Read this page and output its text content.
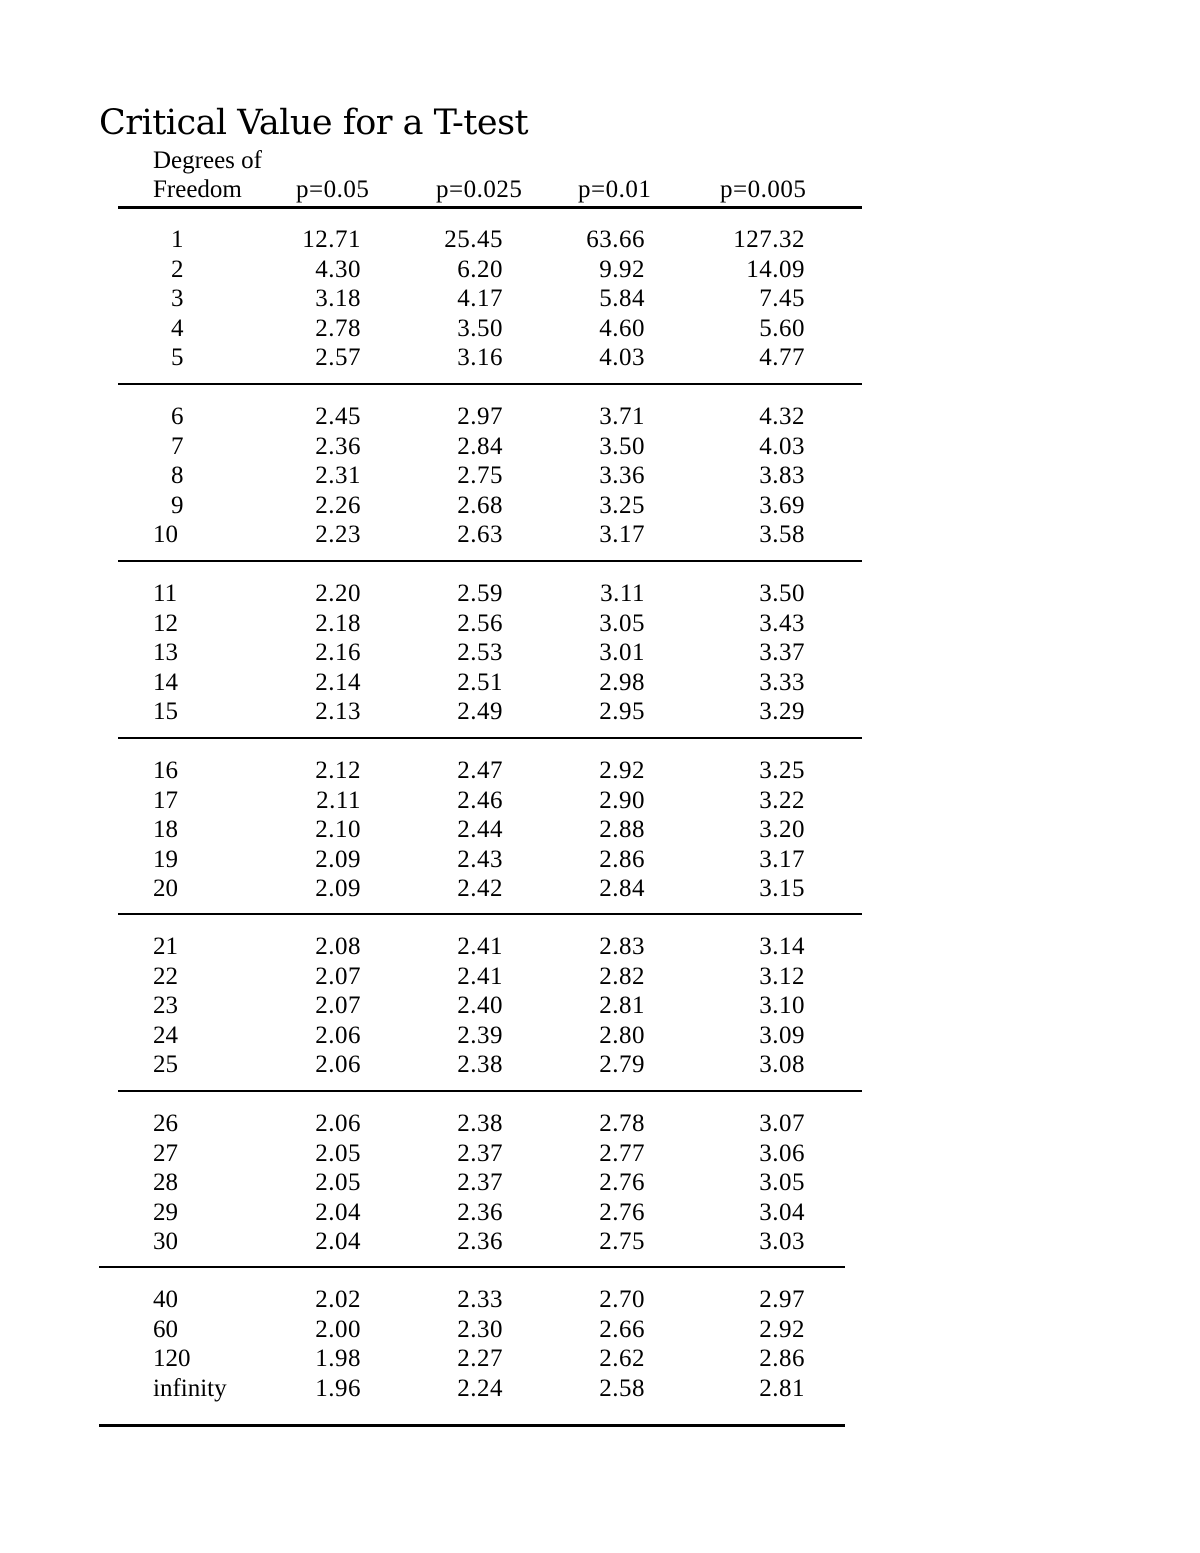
Critical Value for a T-test
Degrees of
Freedom p=0.05	p=0.025 p=0.01	p=0.005
1	12.71	25.45	63.66	127.32
2	4.30	6.20	9.92	14.09
3	3.18	4.17	5.84	7.45
4	2.78	3.50	4.60	5.60
5	2.57	3.16	4.03	4.77
6	2.45	2.97	3.71	4.32
7	2.36	2.84	3.50	4.03
8	2.31	2.75	3.36	3.83
9	2.26	2.68	3.25	3.69
10	2.23	2.63	3.17	3.58
11	2.20	2.59	3.11	3.50
12	2.18	2.56	3.05	3.43
13	2.16	2.53	3.01	3.37
14	2.14	2.51	2.98	3.33
15	2.13	2.49	2.95	3.29
16	2.12	2.47	2.92	3.25
17	2.11	2.46	2.90	3.22
18	2.10	2.44	2.88	3.20
19	2.09	2.43	2.86	3.17
20	2.09	2.42	2.84	3.15
21	2.08	2.41	2.83	3.14
22	2.07	2.41	2.82	3.12
23	2.07	2.40	2.81	3.10
24	2.06	2.39	2.80	3.09
25	2.06	2.38	2.79	3.08
26	2.06	2.38	2.78	3.07
27	2.05	2.37	2.77	3.06
28	2.05	2.37	2.76	3.05
29	2.04	2.36	2.76	3.04
30	2.04	2.36	2.75	3.03
40	2.02	2.33	2.70	2.97
60	2.00	2.30	2.66	2.92
120	1.98	2.27	2.62	2.86
infinity	1.96	2.24	2.58	2.81
